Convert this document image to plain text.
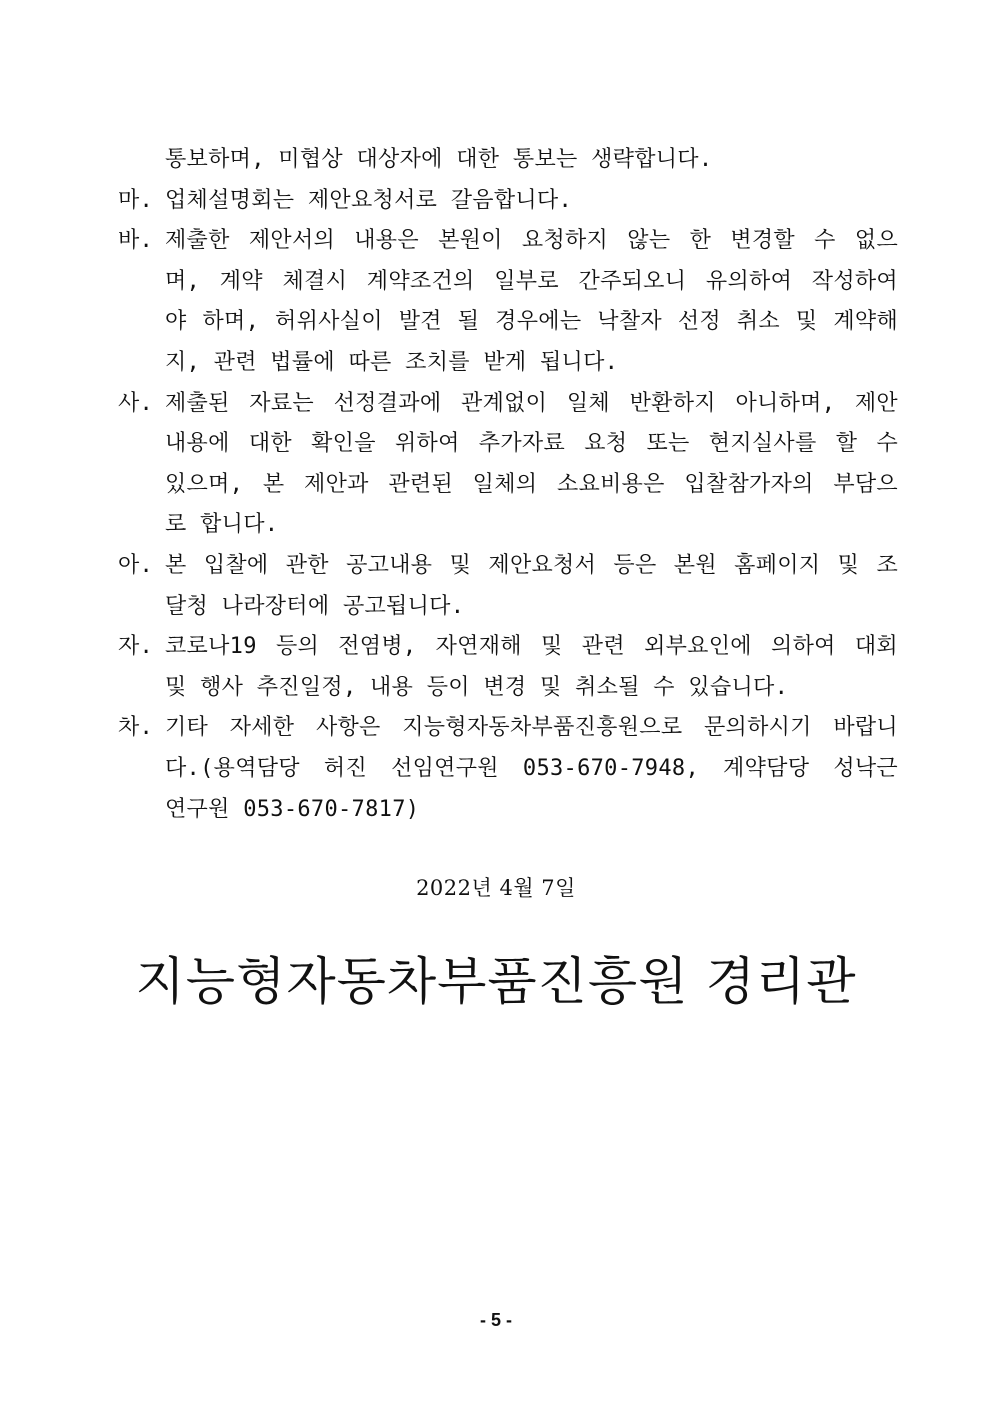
통보하며, 미협상 대상자에 대한 통보는 생략합니다.
마. 업체설명회는 제안요청서로 갈음합니다.
바. 제출한 제안서의 내용은 본원이 요청하지 않는 한 변경할 수 없으
며, 계약 체결시 계약조건의 일부로 간주되오니 유의하여 작성하여
야 하며, 허위사실이 발견 될 경우에는 낙찰자 선정 취소 및 계약해
지, 관련 법률에 따른 조치를 받게 됩니다.
사. 제출된 자료는 선정결과에 관계없이 일체 반환하지 아니하며, 제안
내용에 대한 확인을 위하여 추가자료 요청 또는 현지실사를 할 수
있으며, 본 제안과 관련된 일체의 소요비용은 입찰참가자의 부담으
로 합니다.
아. 본 입찰에 관한 공고내용 및 제안요청서 등은 본원 홈페이지 및 조
달청 나라장터에 공고됩니다.
자. 코로나19 등의 전염병, 자연재해 및 관련 외부요인에 의하여 대회
및 행사 추진일정, 내용 등이 변경 및 취소될 수 있습니다.
차. 기타 자세한 사항은 지능형자동차부품진흥원으로 문의하시기 바랍니
다.(용역담당 허진 선임연구원 053-670-7948, 계약담당 성낙근
연구원 053-670-7817)
2022년 4월 7일
지능형자동차부품진흥원 경리관
- 5 -
